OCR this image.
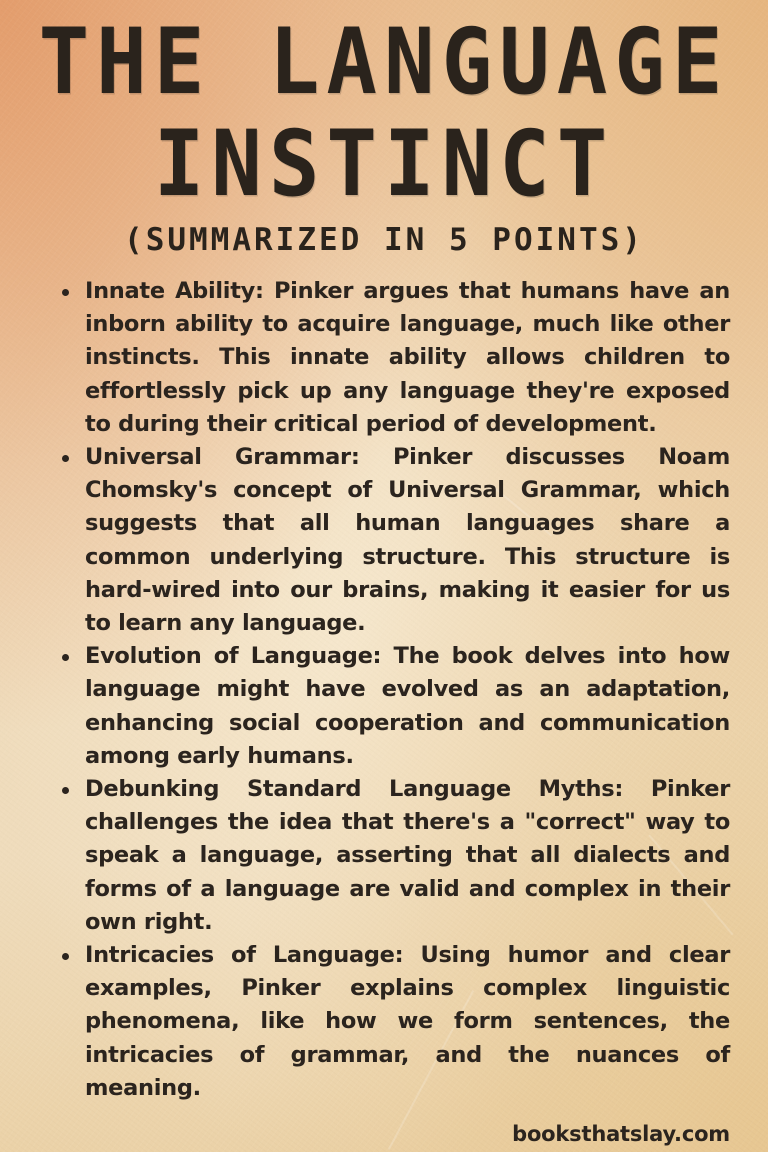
THE LANGUAGE
INSTINCT
(SUMMARIZED IN 5 POINTS)
Innate Ability: Pinker argues that humans have an inborn ability to acquire language, much like other instincts. This innate ability allows children to effortlessly pick up any language they're exposed to during their critical period of development.
Universal Grammar: Pinker discusses Noam Chomsky's concept of Universal Grammar, which suggests that all human languages share a common underlying structure. This structure is hard-wired into our brains, making it easier for us to learn any language.
Evolution of Language: The book delves into how language might have evolved as an adaptation, enhancing social cooperation and communication among early humans.
Debunking Standard Language Myths: Pinker challenges the idea that there's a "correct" way to speak a language, asserting that all dialects and forms of a language are valid and complex in their own right.
Intricacies of Language: Using humor and clear examples, Pinker explains complex linguistic phenomena, like how we form sentences, the intricacies of grammar, and the nuances of meaning.
booksthatslay.com
